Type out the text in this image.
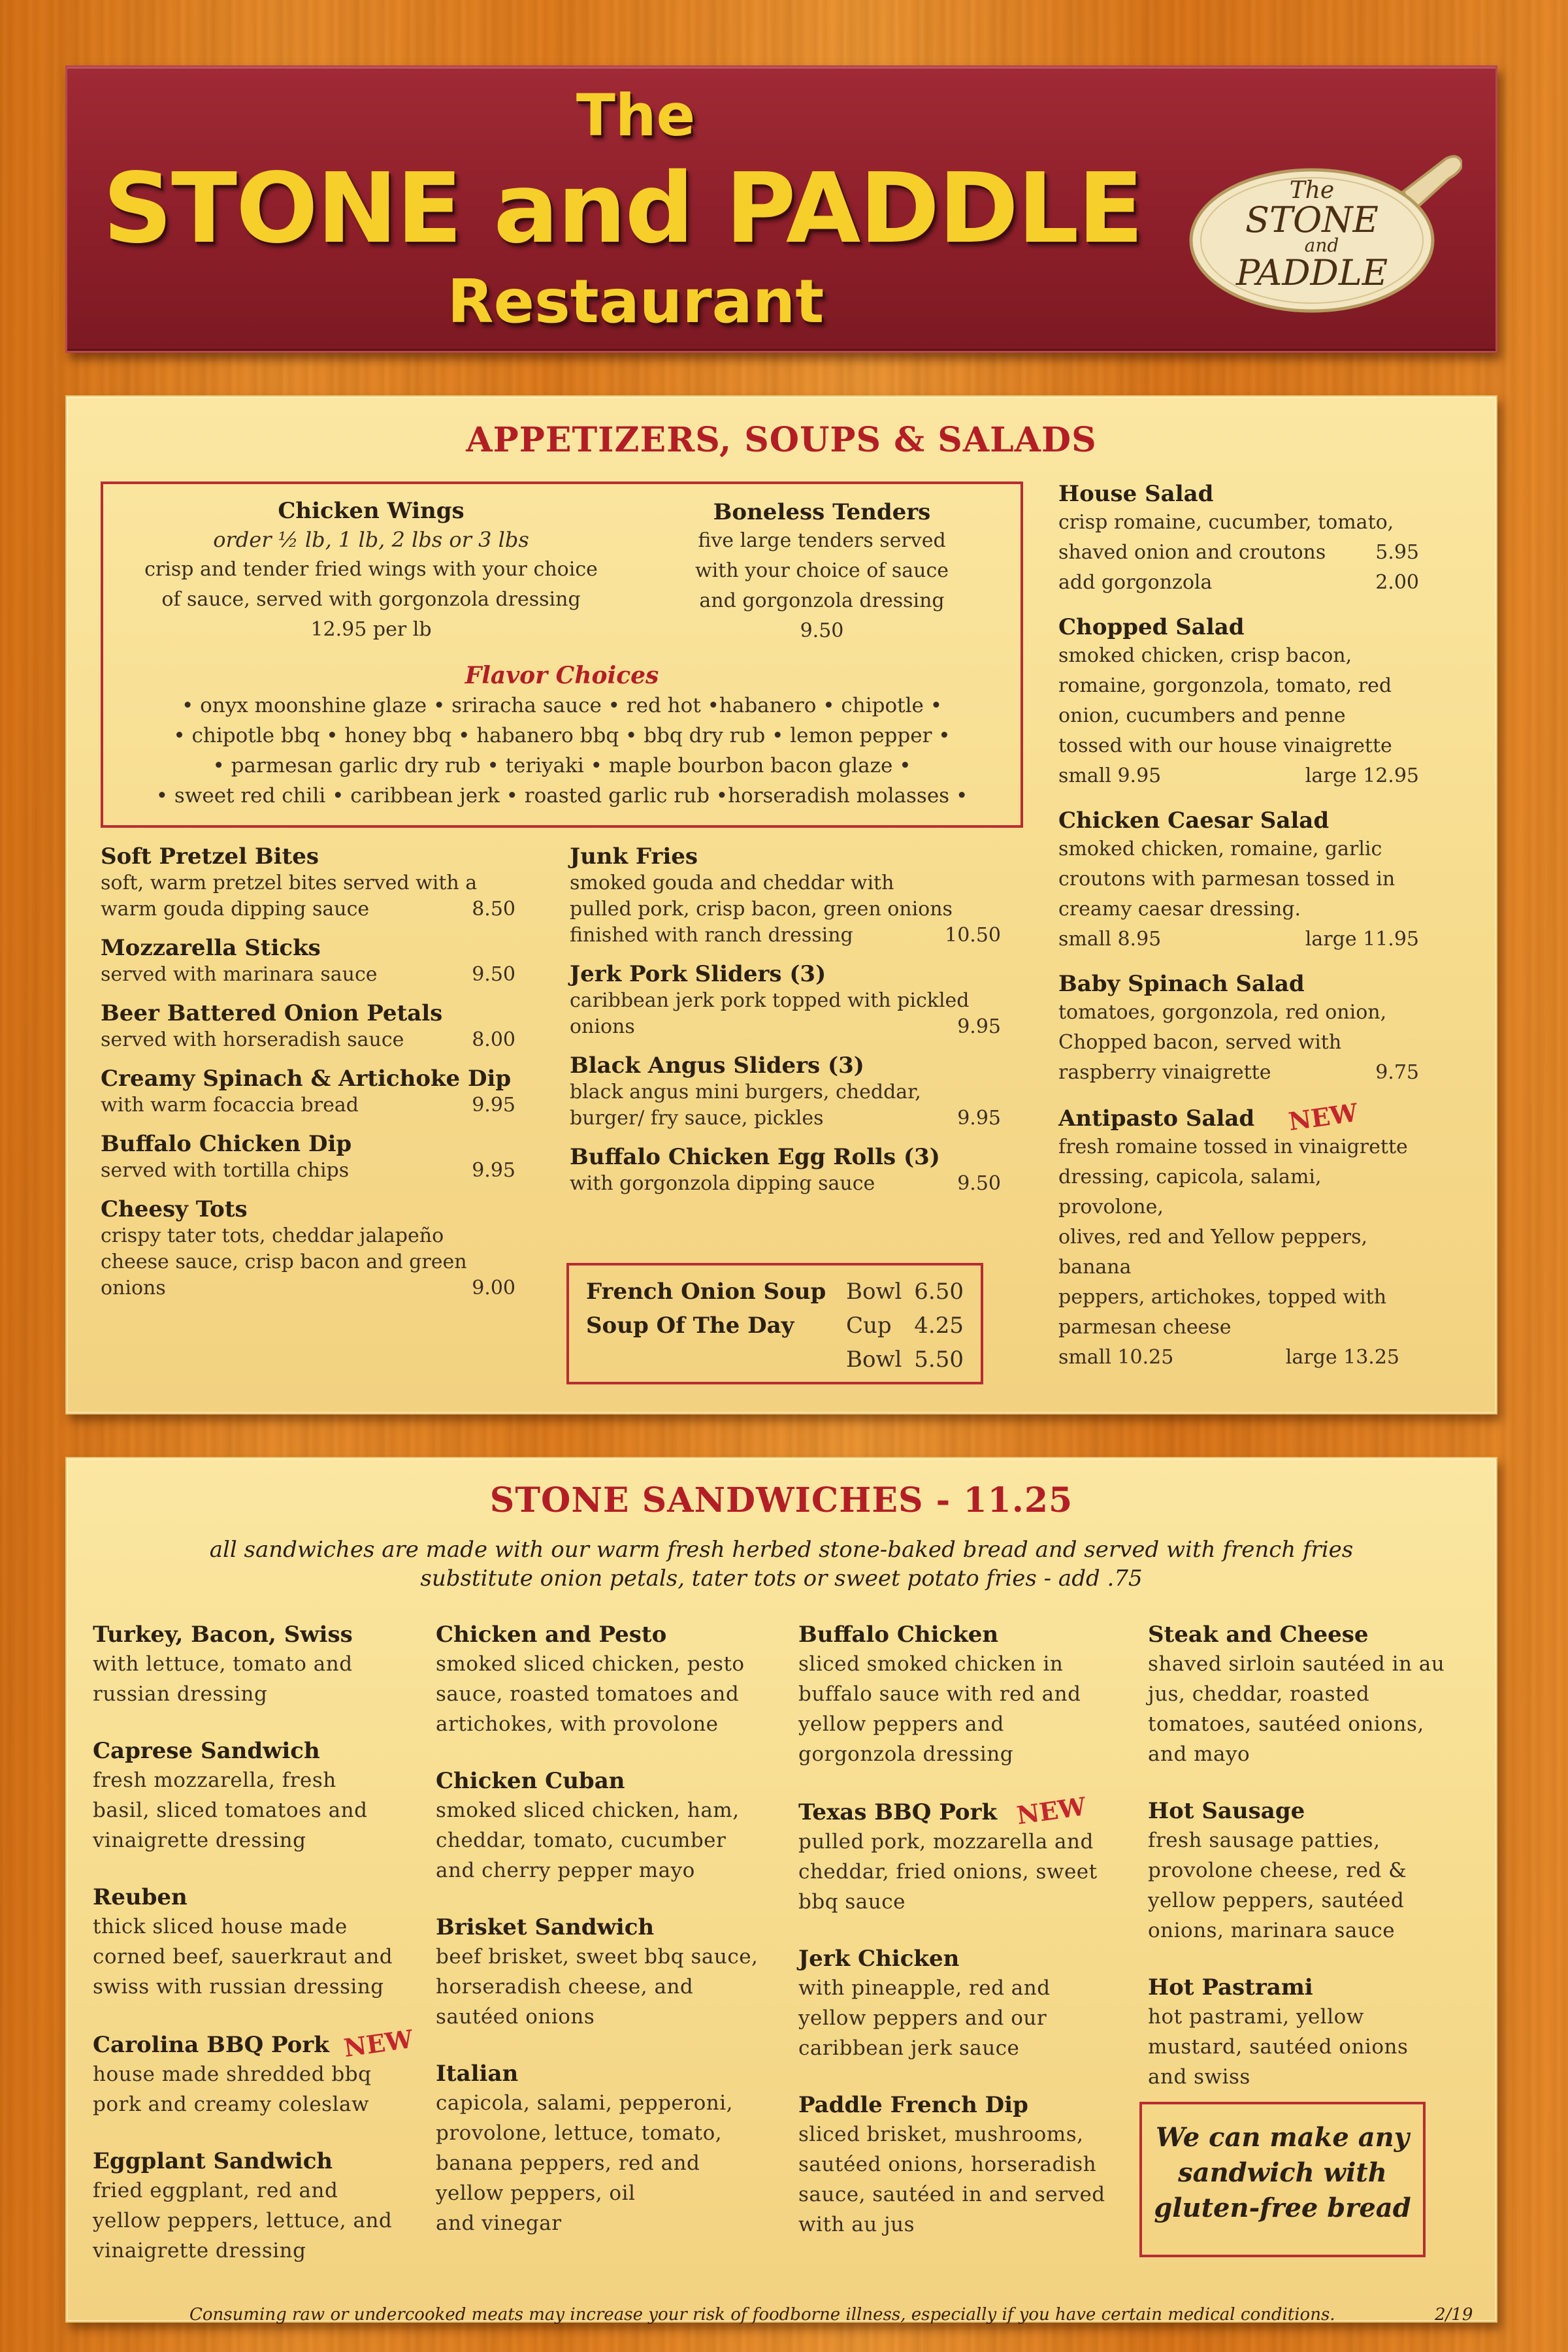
The
STONE and PADDLE
Restaurant
The
STONE
and
PADDLE
APPETIZERS, SOUPS & SALADS
Chicken Wings
order ½ lb, 1 lb, 2 lbs or 3 lbs
crisp and tender fried wings with your choice
of sauce, served with gorgonzola dressing
12.95 per lb
Boneless Tenders
five large tenders served
with your choice of sauce
and gorgonzola dressing
9.50
Flavor Choices
• onyx moonshine glaze • sriracha sauce • red hot •habanero • chipotle •
• chipotle bbq • honey bbq • habanero bbq • bbq dry rub • lemon pepper •
• parmesan garlic dry rub • teriyaki • maple bourbon bacon glaze •
• sweet red chili • caribbean jerk • roasted garlic rub •horseradish molasses •
Soft Pretzel Bites
soft, warm pretzel bites served with a
warm gouda dipping sauce	8.50
Mozzarella Sticks
served with marinara sauce	9.50
Beer Battered Onion Petals
served with horseradish sauce	8.00
Creamy Spinach & Artichoke Dip
with warm focaccia bread	9.95
Buffalo Chicken Dip
served with tortilla chips	9.95
Cheesy Tots
crispy tater tots, cheddar jalapeño
cheese sauce, crisp bacon and green
onions	9.00
Junk Fries
smoked gouda and cheddar with
pulled pork, crisp bacon, green onions
finished with ranch dressing	10.50
Jerk Pork Sliders (3)
caribbean jerk pork topped with pickled
onions	9.95
Black Angus Sliders (3)
black angus mini burgers, cheddar,
burger/ fry sauce, pickles	9.95
Buffalo Chicken Egg Rolls (3)
with gorgonzola dipping sauce	9.50
French Onion Soup Bowl 6.50
Soup Of The Day Cup 4.25
Bowl 5.50
House Salad
crisp romaine, cucumber, tomato,
shaved onion and croutons	5.95
add gorgonzola	2.00
Chopped Salad
smoked chicken, crisp bacon,
romaine, gorgonzola, tomato, red
onion, cucumbers and penne
tossed with our house vinaigrette
small 9.95	large 12.95
Chicken Caesar Salad
smoked chicken, romaine, garlic
croutons with parmesan tossed in
creamy caesar dressing.
small 8.95	large 11.95
Baby Spinach Salad
tomatoes, gorgonzola, red onion,
Chopped bacon, served with
raspberry vinaigrette	9.75
Antipasto Salad NEW
fresh romaine tossed in vinaigrette
dressing, capicola, salami, provolone,
olives, red and Yellow peppers, banana
peppers, artichokes, topped with
parmesan cheese
small 10.25	large 13.25
STONE SANDWICHES - 11.25
all sandwiches are made with our warm fresh herbed stone-baked bread and served with french fries
substitute onion petals, tater tots or sweet potato fries - add .75
Turkey, Bacon, Swiss
with lettuce, tomato and
russian dressing
Caprese Sandwich
fresh mozzarella, fresh
basil, sliced tomatoes and
vinaigrette dressing
Reuben
thick sliced house made
corned beef, sauerkraut and
swiss with russian dressing
Carolina BBQ Pork NEW
house made shredded bbq
pork and creamy coleslaw
Eggplant Sandwich
fried eggplant, red and
yellow peppers, lettuce, and
vinaigrette dressing
Chicken and Pesto
smoked sliced chicken, pesto
sauce, roasted tomatoes and
artichokes, with provolone
Chicken Cuban
smoked sliced chicken, ham,
cheddar, tomato, cucumber
and cherry pepper mayo
Brisket Sandwich
beef brisket, sweet bbq sauce,
horseradish cheese, and
sautéed onions
Italian
capicola, salami, pepperoni,
provolone, lettuce, tomato,
banana peppers, red and
yellow peppers, oil
and vinegar
Buffalo Chicken
sliced smoked chicken in
buffalo sauce with red and
yellow peppers and
gorgonzola dressing
Texas BBQ Pork NEW
pulled pork, mozzarella and
cheddar, fried onions, sweet
bbq sauce
Jerk Chicken
with pineapple, red and
yellow peppers and our
caribbean jerk sauce
Paddle French Dip
sliced brisket, mushrooms,
sautéed onions, horseradish
sauce, sautéed in and served
with au jus
Steak and Cheese
shaved sirloin sautéed in au
jus, cheddar, roasted
tomatoes, sautéed onions,
and mayo
Hot Sausage
fresh sausage patties,
provolone cheese, red &
yellow peppers, sautéed
onions, marinara sauce
Hot Pastrami
hot pastrami, yellow
mustard, sautéed onions
and swiss
We can make any
sandwich with
gluten-free bread
Consuming raw or undercooked meats may increase your risk of foodborne illness, especially if you have certain medical conditions.	2/19
